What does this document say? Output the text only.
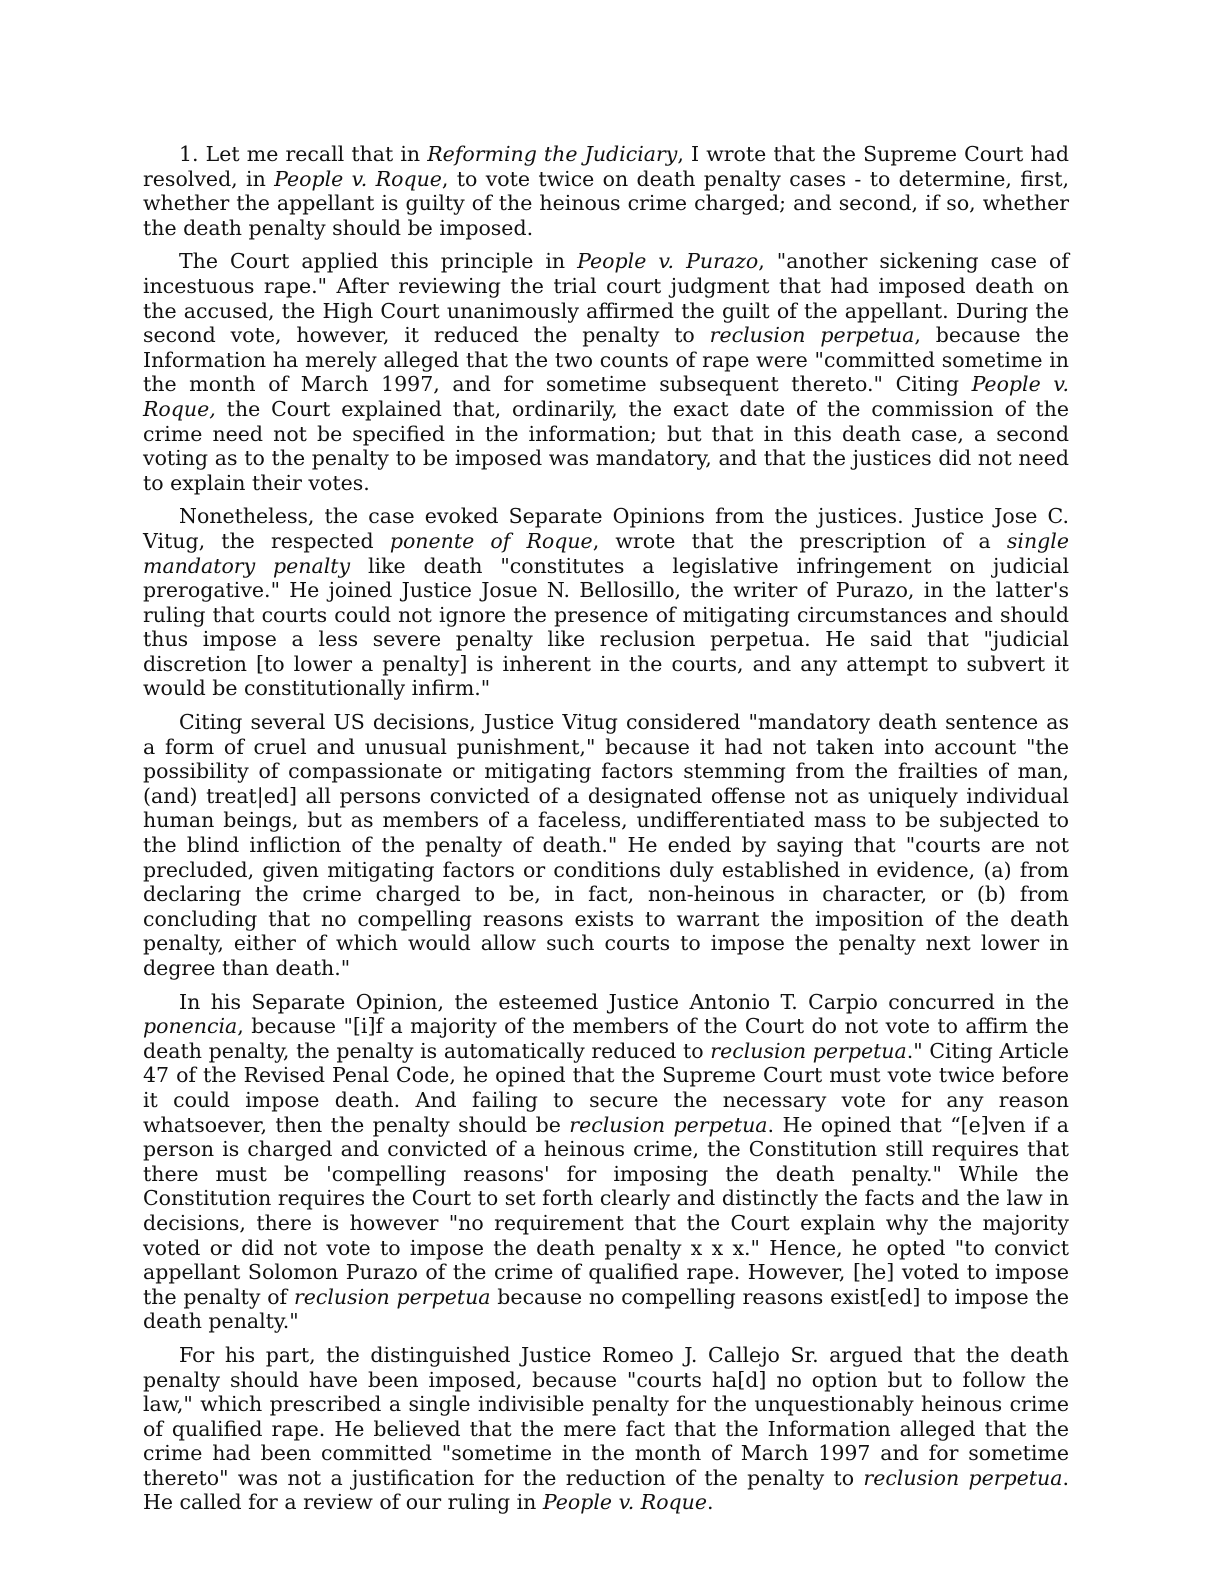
1. Let me recall that in Reforming the Judiciary, I wrote that the Supreme Court had resolved, in People v. Roque, to vote twice on death penalty cases - to determine, first, whether the appellant is guilty of the heinous crime charged; and second, if so, whether the death penalty should be imposed.

The Court applied this principle in People v. Purazo, "another sickening case of incestuous rape." After reviewing the trial court judgment that had imposed death on the accused, the High Court unanimously affirmed the guilt of the appellant. During the second vote, however, it reduced the penalty to reclusion perpetua, because the Information ha merely alleged that the two counts of rape were "committed sometime in the month of March 1997, and for sometime subsequent thereto." Citing People v. Roque, the Court explained that, ordinarily, the exact date of the commission of the crime need not be specified in the information; but that in this death case, a second voting as to the penalty to be imposed was mandatory, and that the justices did not need to explain their votes.

Nonetheless, the case evoked Separate Opinions from the justices. Justice Jose C. Vitug, the respected ponente of Roque, wrote that the prescription of a single mandatory penalty like death "constitutes a legislative infringement on judicial prerogative." He joined Justice Josue N. Bellosillo, the writer of Purazo, in the latter's ruling that courts could not ignore the presence of mitigating circumstances and should thus impose a less severe penalty like reclusion perpetua. He said that "judicial discretion [to lower a penalty] is inherent in the courts, and any attempt to subvert it would be constitutionally infirm."

Citing several US decisions, Justice Vitug considered "mandatory death sentence as a form of cruel and unusual punishment," because it had not taken into account "the possibility of compassionate or mitigating factors stemming from the frailties of man, (and) treat|ed] all persons convicted of a designated offense not as uniquely individual human beings, but as members of a faceless, undifferentiated mass to be subjected to the blind infliction of the penalty of death." He ended by saying that "courts are not precluded, given mitigating factors or conditions duly established in evidence, (a) from declaring the crime charged to be, in fact, non-heinous in character, or (b) from concluding that no compelling reasons exists to warrant the imposition of the death penalty, either of which would allow such courts to impose the penalty next lower in degree than death."

In his Separate Opinion, the esteemed Justice Antonio T. Carpio concurred in the ponencia, because "[i]f a majority of the members of the Court do not vote to affirm the death penalty, the penalty is automatically reduced to reclusion perpetua." Citing Article 47 of the Revised Penal Code, he opined that the Supreme Court must vote twice before it could impose death. And failing to secure the necessary vote for any reason whatsoever, then the penalty should be reclusion perpetua. He opined that “[e]ven if a person is charged and convicted of a heinous crime, the Constitution still requires that there must be 'compelling reasons' for imposing the death penalty." While the Constitution requires the Court to set forth clearly and distinctly the facts and the law in decisions, there is however "no requirement that the Court explain why the majority voted or did not vote to impose the death penalty x x x." Hence, he opted "to convict appellant Solomon Purazo of the crime of qualified rape. However, [he] voted to impose the penalty of reclusion perpetua because no compelling reasons exist[ed] to impose the death penalty."

For his part, the distinguished Justice Romeo J. Callejo Sr. argued that the death penalty should have been imposed, because "courts ha[d] no option but to follow the law," which prescribed a single indivisible penalty for the unquestionably heinous crime of qualified rape. He believed that the mere fact that the Information alleged that the crime had been committed "sometime in the month of March 1997 and for sometime thereto" was not a justification for the reduction of the penalty to reclusion perpetua. He called for a review of our ruling in People v. Roque.
